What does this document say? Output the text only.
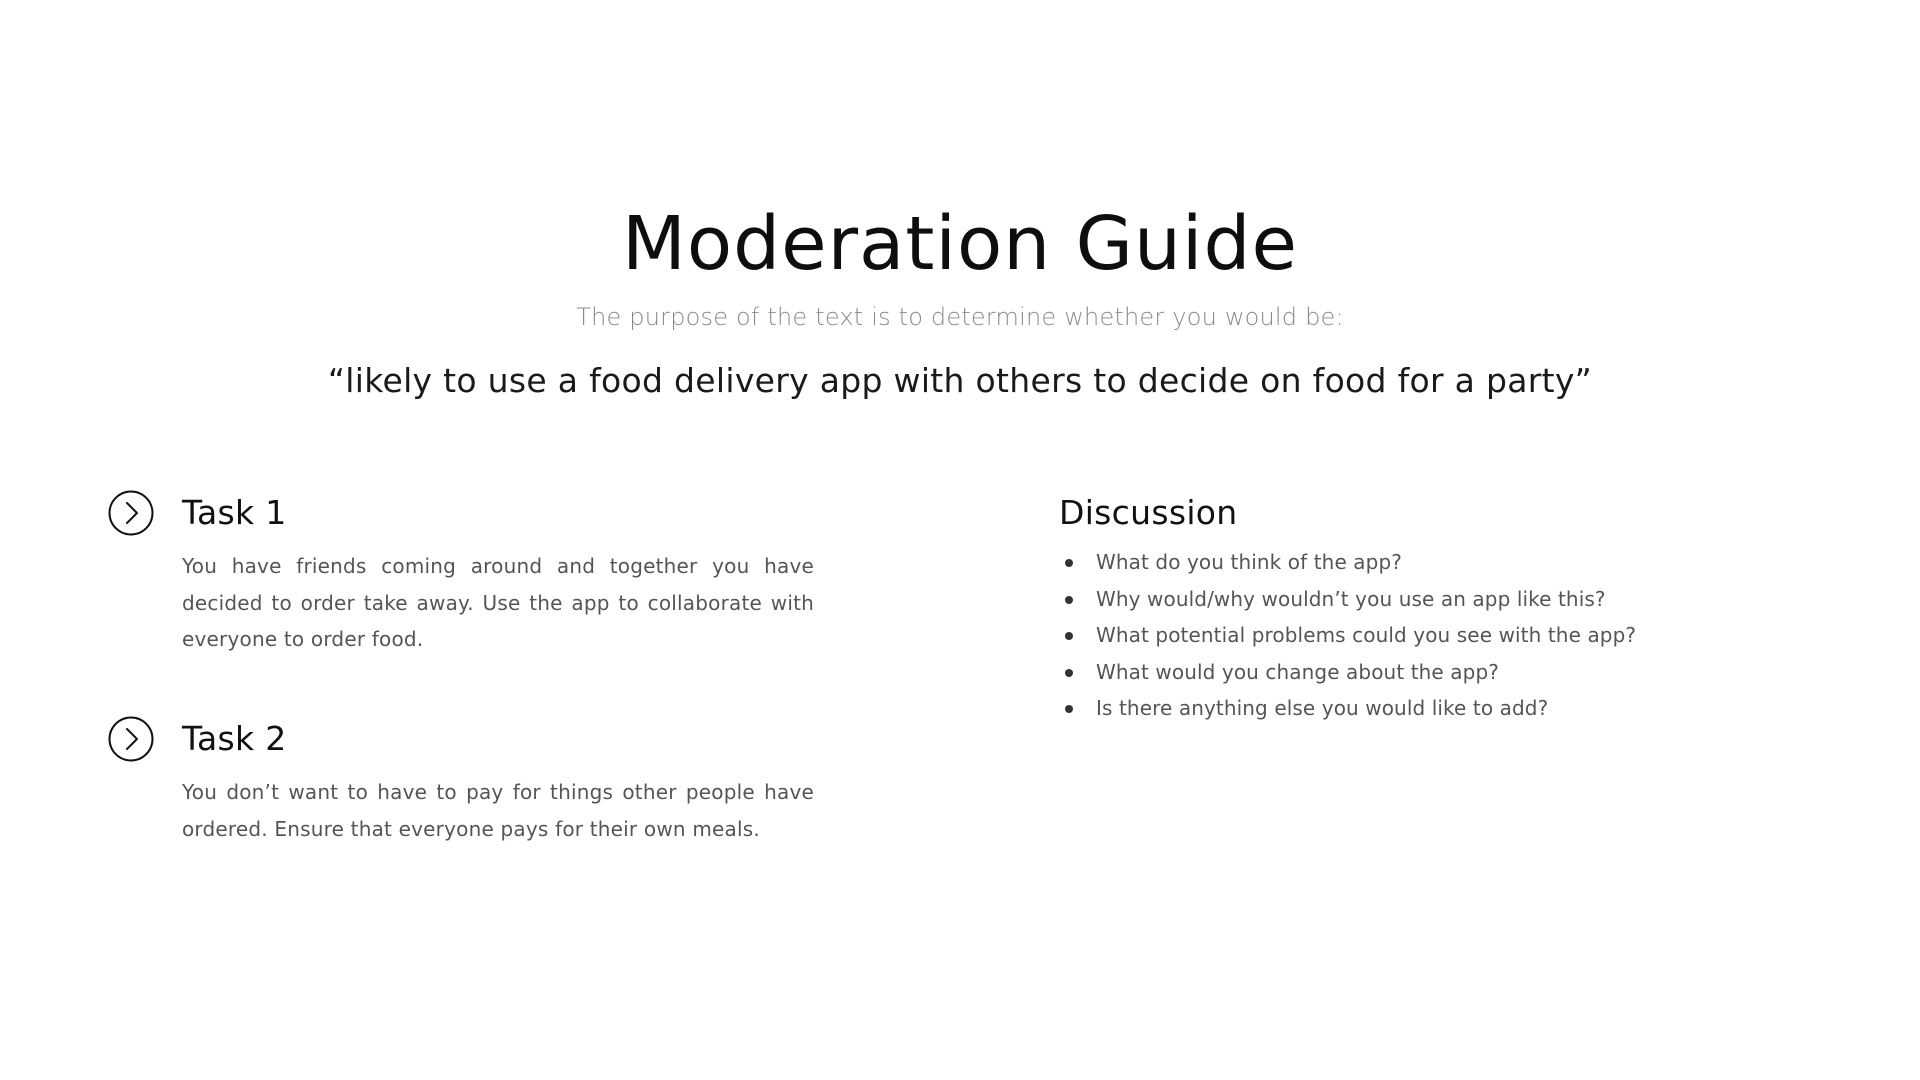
Moderation Guide
The purpose of the text is to determine whether you would be:
“likely to use a food delivery app with others to decide on food for a party”
Task 1
You have friends coming around and together you have decided to order take away. Use the app to collaborate with everyone to order food.
Task 2
You don’t want to have to pay for things other people have ordered. Ensure that everyone pays for their own meals.
Discussion
What do you think of the app?
Why would/why wouldn’t you use an app like this?
What potential problems could you see with the app?
What would you change about the app?
Is there anything else you would like to add?
